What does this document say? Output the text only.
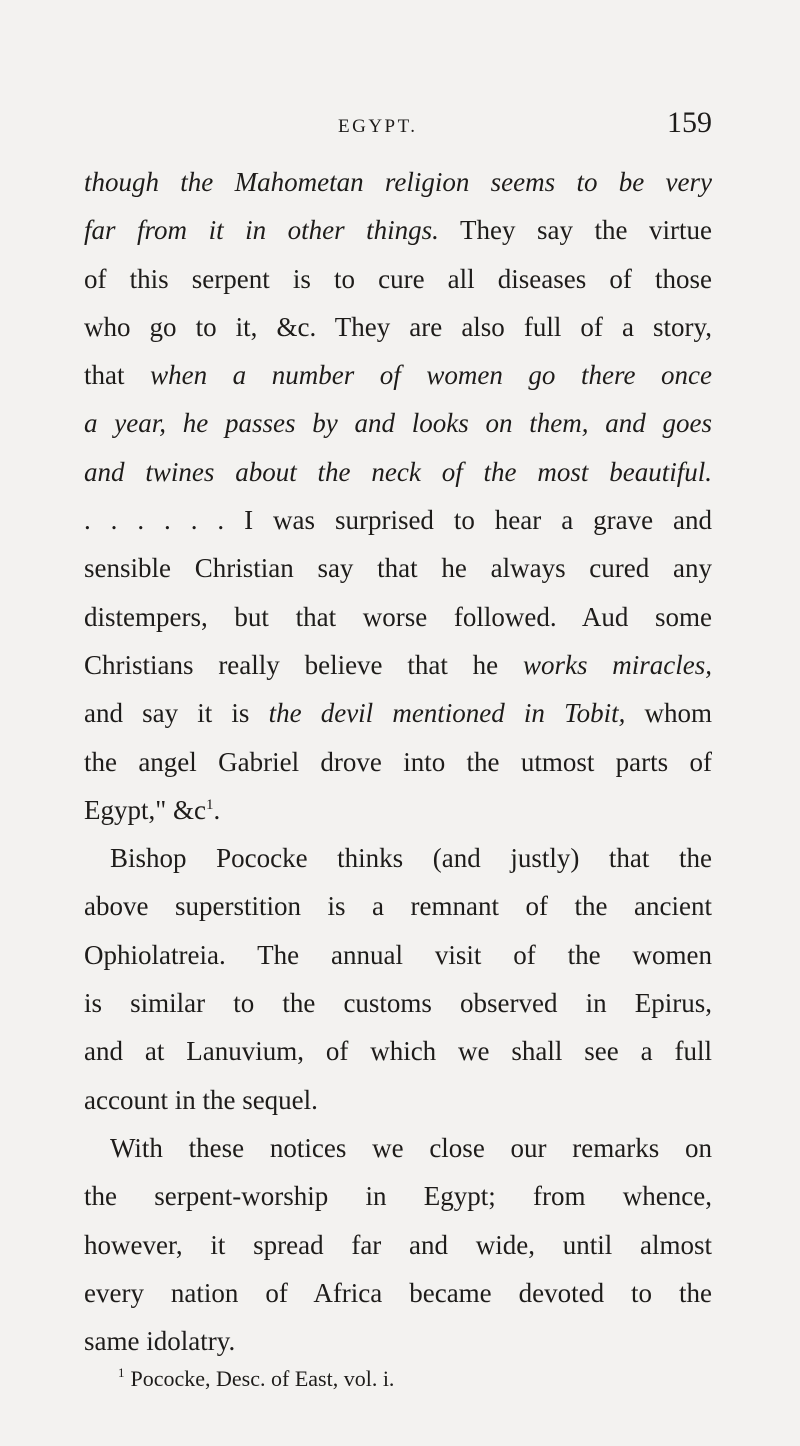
EGYPT.	159
though the Mahometan religion seems to be very
far from it in other things. They say the virtue
of this serpent is to cure all diseases of those
who go to it, &c. They are also full of a story,
that when a number of women go there once
a year, he passes by and looks on them, and goes
and twines about the neck of the most beautiful.
. . . . . . I was surprised to hear a grave and
sensible Christian say that he always cured any
distempers, but that worse followed. Aud some
Christians really believe that he works miracles,
and say it is the devil mentioned in Tobit, whom
the angel Gabriel drove into the utmost parts of
Egypt," &c$^1$.
Bishop Pococke thinks (and justly) that the
above superstition is a remnant of the ancient
Ophiolatreia. The annual visit of the women
is similar to the customs observed in Epirus,
and at Lanuvium, of which we shall see a full
account in the sequel.
With these notices we close our remarks on
the serpent-worship in Egypt; from whence,
however, it spread far and wide, until almost
every nation of Africa became devoted to the
same idolatry.
$^1$ Pococke, Desc. of East, vol. i.
